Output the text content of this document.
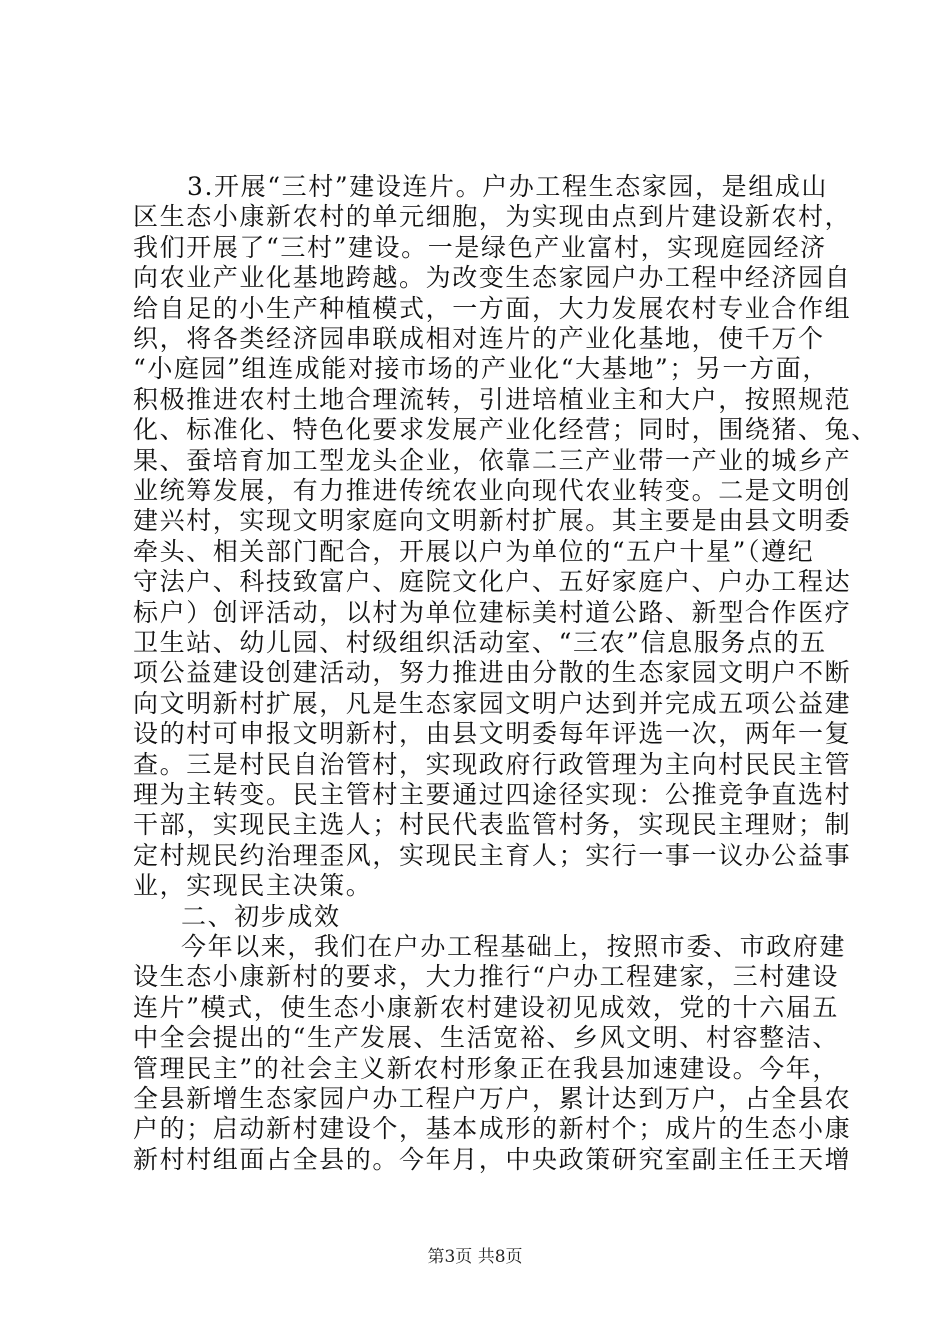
3.开展“三村”建设连片。户办工程生态家园，是组成山
区生态小康新农村的单元细胞，为实现由点到片建设新农村，
我们开展了“三村”建设。一是绿色产业富村，实现庭园经济
向农业产业化基地跨越。为改变生态家园户办工程中经济园自
给自足的小生产种植模式，一方面，大力发展农村专业合作组
织，将各类经济园串联成相对连片的产业化基地，使千万个
“小庭园”组连成能对接市场的产业化“大基地”；另一方面，
积极推进农村土地合理流转，引进培植业主和大户，按照规范
化、标准化、特色化要求发展产业化经营；同时，围绕猪、兔、
果、蚕培育加工型龙头企业，依靠二三产业带一产业的城乡产
业统筹发展，有力推进传统农业向现代农业转变。二是文明创
建兴村，实现文明家庭向文明新村扩展。其主要是由县文明委
牵头、相关部门配合，开展以户为单位的“五户十星”（遵纪
守法户、科技致富户、庭院文化户、五好家庭户、户办工程达
标户）创评活动，以村为单位建标美村道公路、新型合作医疗
卫生站、幼儿园、村级组织活动室、“三农”信息服务点的五
项公益建设创建活动，努力推进由分散的生态家园文明户不断
向文明新村扩展，凡是生态家园文明户达到并完成五项公益建
设的村可申报文明新村，由县文明委每年评选一次，两年一复
查。三是村民自治管村，实现政府行政管理为主向村民民主管
理为主转变。民主管村主要通过四途径实现：公推竞争直选村
干部，实现民主选人；村民代表监管村务，实现民主理财；制
定村规民约治理歪风，实现民主育人；实行一事一议办公益事
业，实现民主决策。
二、初步成效
今年以来，我们在户办工程基础上，按照市委、市政府建
设生态小康新村的要求，大力推行“户办工程建家，三村建设
连片”模式，使生态小康新农村建设初见成效，党的十六届五
中全会提出的“生产发展、生活宽裕、乡风文明、村容整洁、
管理民主”的社会主义新农村形象正在我县加速建设。今年，
全县新增生态家园户办工程户万户，累计达到万户，占全县农
户的；启动新村建设个，基本成形的新村个；成片的生态小康
新村村组面占全县的。今年月，中央政策研究室副主任王天增
第3页 共8页
